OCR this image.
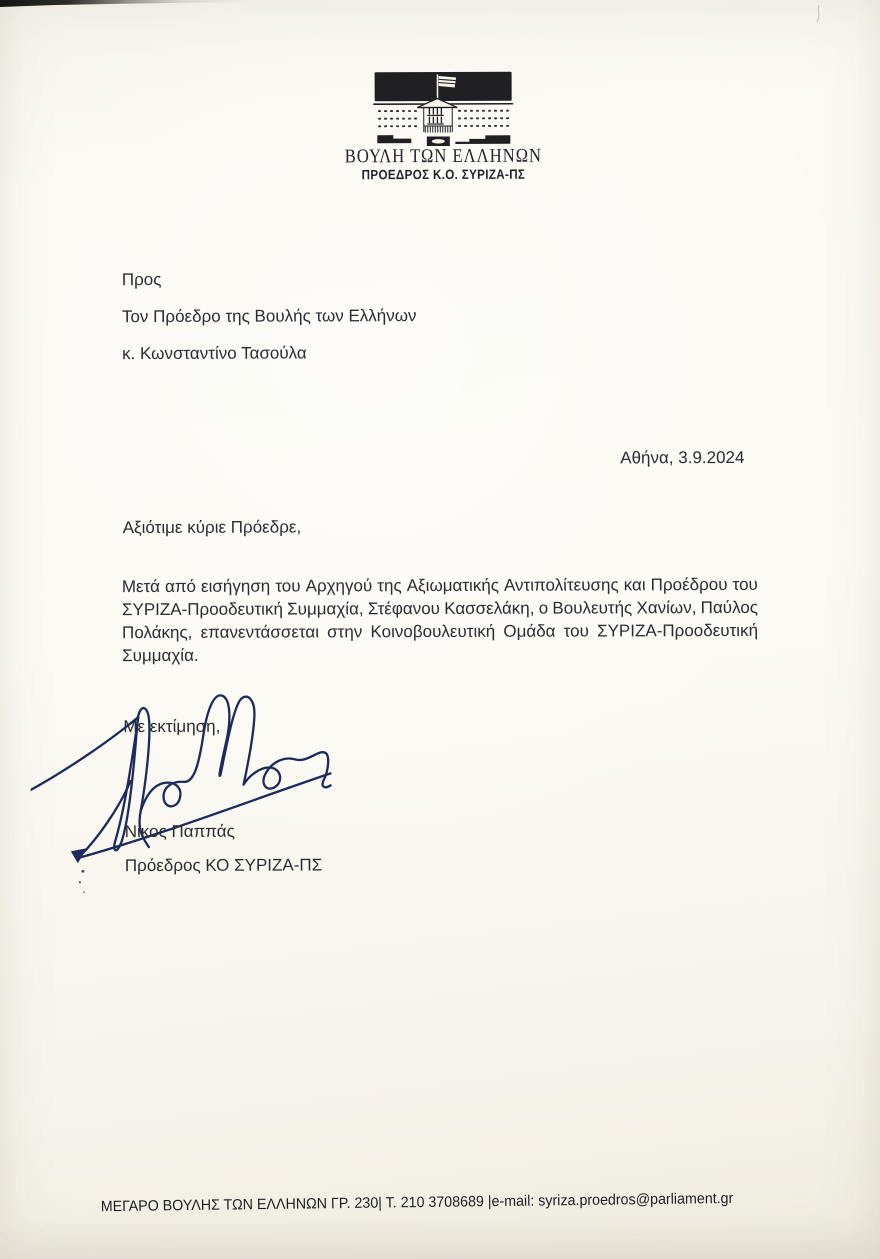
ΒΟΥΛΗ ΤΩΝ ΕΛΛΗΝΩΝ
ΠΡΟΕΔΡΟΣ Κ.Ο. ΣΥΡΙΖΑ-ΠΣ
Προς
Τον Πρόεδρο της Βουλής των Ελλήνων
κ. Κωνσταντίνο Τασούλα
Αθήνα, 3.9.2024
Αξιότιμε κύριε Πρόεδρε,
Μετά από εισήγηση του Αρχηγού της Αξιωματικής Αντιπολίτευσης και Προέδρου του
ΣΥΡΙΖΑ-Προοδευτική Συμμαχία, Στέφανου Κασσελάκη, ο Βουλευτής Χανίων, Παύλος
Πολάκης, επανεντάσσεται στην Κοινοβουλευτική Ομάδα του ΣΥΡΙΖΑ-Προοδευτική
Συμμαχία.
Με εκτίμηση,
Νίκος Παππάς
Πρόεδρος ΚΟ ΣΥΡΙΖΑ-ΠΣ
ΜΕΓΑΡΟ ΒΟΥΛΗΣ ΤΩΝ ΕΛΛΗΝΩΝ ΓΡ. 230| Τ. 210 3708689 |e-mail: syriza.proedros@parliament.gr
